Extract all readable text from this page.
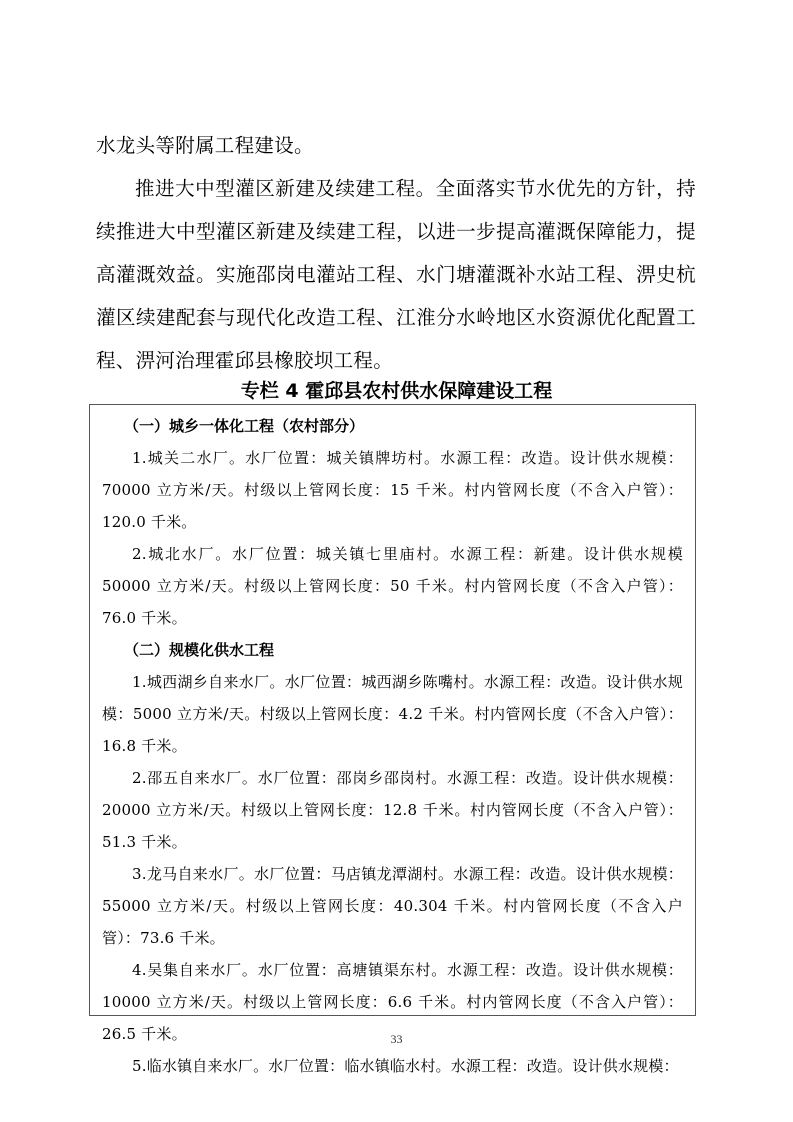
水龙头等附属工程建设。

推进大中型灌区新建及续建工程。全面落实节水优先的方针，持续推进大中型灌区新建及续建工程，以进一步提高灌溉保障能力，提高灌溉效益。实施邵岗电灌站工程、水门塘灌溉补水站工程、淠史杭灌区续建配套与现代化改造工程、江淮分水岭地区水资源优化配置工程、淠河治理霍邱县橡胶坝工程。

专栏 4 霍邱县农村供水保障建设工程

（一）城乡一体化工程（农村部分）

1.城关二水厂。水厂位置：城关镇牌坊村。水源工程：改造。设计供水规模：70000 立方米/天。村级以上管网长度：15 千米。村内管网长度（不含入户管）：120.0 千米。

2.城北水厂。水厂位置：城关镇七里庙村。水源工程：新建。设计供水规模 50000 立方米/天。村级以上管网长度：50 千米。村内管网长度（不含入户管）：76.0 千米。

（二）规模化供水工程

1.城西湖乡自来水厂。水厂位置：城西湖乡陈嘴村。水源工程：改造。设计供水规模：5000 立方米/天。村级以上管网长度：4.2 千米。村内管网长度（不含入户管）：16.8 千米。

2.邵五自来水厂。水厂位置：邵岗乡邵岗村。水源工程：改造。设计供水规模：20000 立方米/天。村级以上管网长度：12.8 千米。村内管网长度（不含入户管）：51.3 千米。

3.龙马自来水厂。水厂位置：马店镇龙潭湖村。水源工程：改造。设计供水规模：55000 立方米/天。村级以上管网长度：40.304 千米。村内管网长度（不含入户管）：73.6 千米。

4.吴集自来水厂。水厂位置：高塘镇渠东村。水源工程：改造。设计供水规模：10000 立方米/天。村级以上管网长度：6.6 千米。村内管网长度（不含入户管）：26.5 千米。

5.临水镇自来水厂。水厂位置：临水镇临水村。水源工程：改造。设计供水规模：

33
